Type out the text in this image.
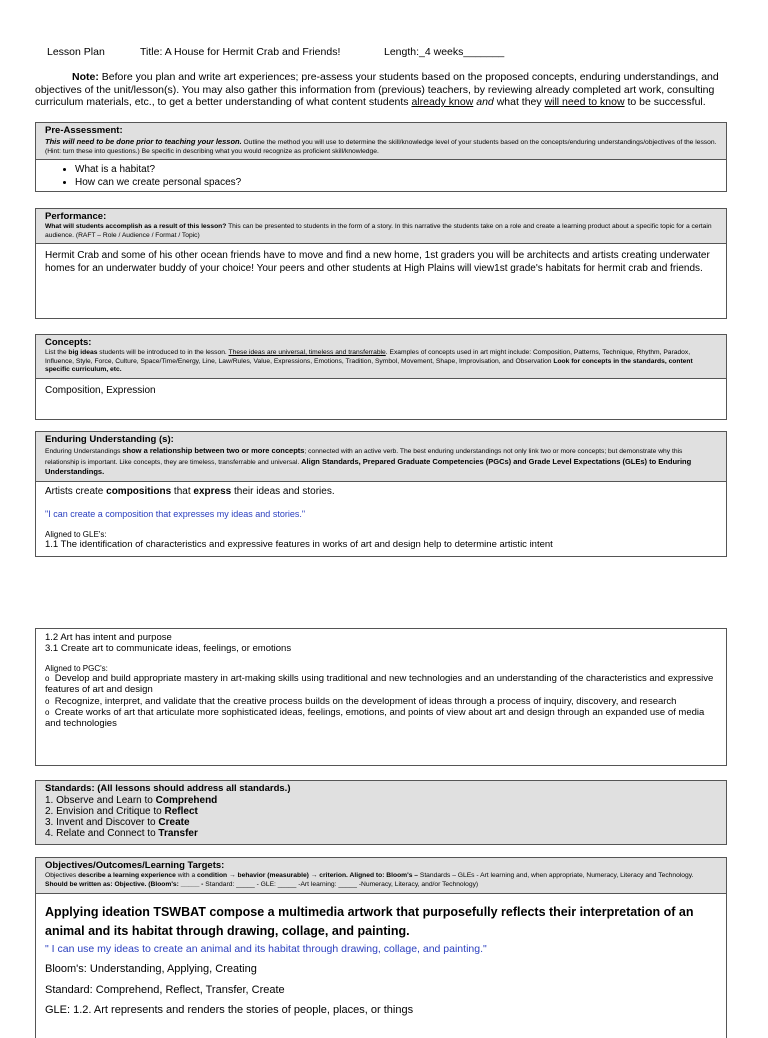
Lesson Plan	Title: A House for Hermit Crab and Friends!	Length:_4 weeks_______
Note: Before you plan and write art experiences; pre-assess your students based on the proposed concepts, enduring understandings, and objectives of the unit/lesson(s). You may also gather this information from (previous) teachers, by reviewing already completed art work, consulting curriculum materials, etc., to get a better understanding of what content students already know and what they will need to know to be successful.
Pre-Assessment:
This will need to be done prior to teaching your lesson. Outline the method you will use to determine the skill/knowledge level of your students based on the concepts/enduring understandings/objectives of the lesson. (Hint: turn these into questions.) Be specific in describing what you would recognize as proficient skill/knowledge.
• What is a habitat?
• How can we create personal spaces?
Performance:
What will students accomplish as a result of this lesson? This can be presented to students in the form of a story. In this narrative the students take on a role and create a learning product about a specific topic for a certain audience. (RAFT – Role / Audience / Format / Topic)
Hermit Crab and some of his other ocean friends have to move and find a new home, 1st graders you will be architects and artists creating underwater homes for an underwater buddy of your choice! Your peers and other students at High Plains will view1st grade's habitats for hermit crab and friends.
Concepts:
List the big ideas students will be introduced to in the lesson. These ideas are universal, timeless and transferrable. Examples of concepts used in art might include: Composition, Patterns, Technique, Rhythm, Paradox, Influence, Style, Force, Culture, Space/Time/Energy, Line, Law/Rules, Value, Expressions, Emotions, Tradition, Symbol, Movement, Shape, Improvisation, and Observation Look for concepts in the standards, content specific curriculum, etc.
Composition, Expression
Enduring Understanding (s):
Enduring Understandings show a relationship between two or more concepts; connected with an active verb. The best enduring understandings not only link two or more concepts; but demonstrate why this relationship is important. Like concepts, they are timeless, transferrable and universal. Align Standards, Prepared Graduate Competencies (PGCs) and Grade Level Expectations (GLEs) to Enduring Understandings.
Artists create compositions that express their ideas and stories.
"I can create a composition that expresses my ideas and stories."
Aligned to GLE's:
1.1 The identification of characteristics and expressive features in works of art and design help to determine artistic intent
1.2 Art has intent and purpose
3.1 Create art to communicate ideas, feelings, or emotions
Aligned to PGC's:
o Develop and build appropriate mastery in art-making skills using traditional and new technologies and an understanding of the characteristics and expressive features of art and design
o Recognize, interpret, and validate that the creative process builds on the development of ideas through a process of inquiry, discovery, and research
o Create works of art that articulate more sophisticated ideas, feelings, emotions, and points of view about art and design through an expanded use of media and technologies
Standards: (All lessons should address all standards.)
1. Observe and Learn to Comprehend
2. Envision and Critique to Reflect
3. Invent and Discover to Create
4. Relate and Connect to Transfer
Objectives/Outcomes/Learning Targets:
Objectives describe a learning experience with a condition → behavior (measurable) → criterion. Aligned to: Bloom's – Standards – GLEs - Art learning and, when appropriate, Numeracy, Literacy and Technology. Should be written as: Objective. (Bloom's: _____ - Standard: _____ - GLE: _____ -Art learning: _____ -Numeracy, Literacy, and/or Technology)
Applying ideation TSWBAT compose a multimedia artwork that purposefully reflects their interpretation of an animal and its habitat through drawing, collage, and painting.
" I can use my ideas to create an animal and its habitat through drawing, collage, and painting."
Bloom's: Understanding, Applying, Creating
Standard: Comprehend, Reflect, Transfer, Create
GLE: 1.2. Art represents and renders the stories of people, places, or things
